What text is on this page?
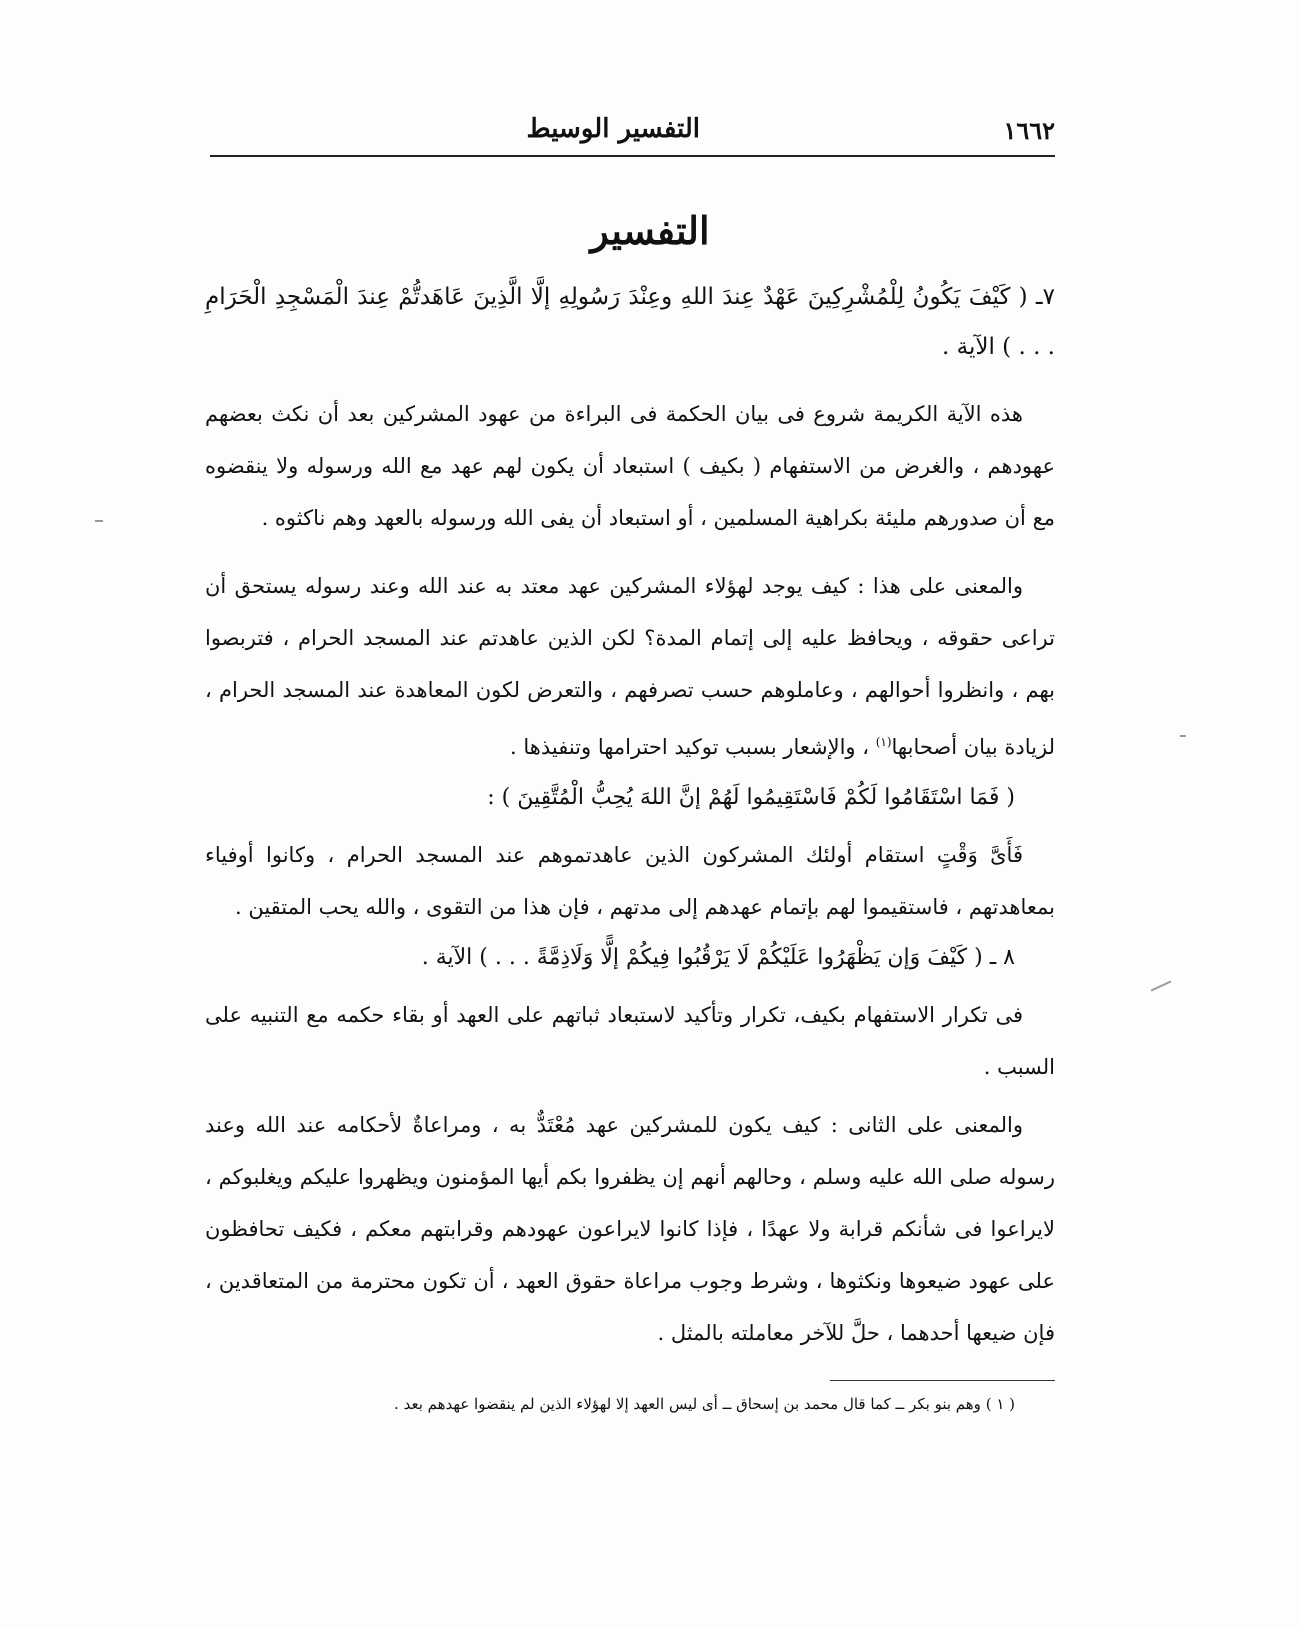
١٦٦٢
التفسير الوسيط
التفسير

٧ـ ( كَيْفَ يَكُونُ لِلْمُشْرِكِينَ عَهْدٌ عِندَ اللهِ وعِنْدَ رَسُولِهِ إلَّا الَّذِينَ عَاهَدتُّمْ عِندَ الْمَسْجِدِ الْحَرَامِ . . . ) الآية .

هذه الآية الكريمة شروع فى بيان الحكمة فى البراءة من عهود المشركين بعد أن نكث بعضهم عهودهم ، والغرض من الاستفهام ( بكيف ) استبعاد أن يكون لهم عهد مع الله ورسوله ولا ينقضوه مع أن صدورهم مليئة بكراهية المسلمين ، أو استبعاد أن يفى الله ورسوله بالعهد وهم ناكثوه .

والمعنى على هذا : كيف يوجد لهؤلاء المشركين عهد معتد به عند الله وعند رسوله يستحق أن تراعى حقوقه ، ويحافظ عليه إلى إتمام المدة؟ لكن الذين عاهدتم عند المسجد الحرام ، فتربصوا بهم ، وانظروا أحوالهم ، وعاملوهم حسب تصرفهم ، والتعرض لكون المعاهدة عند المسجد الحرام ، لزيادة بيان أصحابها$^{(١)}$ ، والإشعار بسبب توكيد احترامها وتنفيذها .

( فَمَا اسْتَقَامُوا لَكُمْ فَاسْتَقِيمُوا لَهُمْ إنَّ اللهَ يُحِبُّ الْمُتَّقِينَ ) :

فَأَىَّ وَقْتٍ استقام أولئك المشركون الذين عاهدتموهم عند المسجد الحرام ، وكانوا أوفياء بمعاهدتهم ، فاستقيموا لهم بإتمام عهدهم إلى مدتهم ، فإن هذا من التقوى ، والله يحب المتقين .

٨ ـ ( كَيْفَ وَإن يَظْهَرُوا عَلَيْكُمْ لَا يَرْقُبُوا فِيكُمْ إلًّا وَلَاذِمَّةً . . . ) الآية .

فى تكرار الاستفهام بكيف، تكرار وتأكيد لاستبعاد ثباتهم على العهد أو بقاء حكمه مع التنبيه على السبب .

والمعنى على الثانى : كيف يكون للمشركين عهد مُعْتَدٌّ به ، ومراعاةٌ لأحكامه عند الله وعند رسوله صلى الله عليه وسلم ، وحالهم أنهم إن يظفروا بكم أيها المؤمنون ويظهروا عليكم ويغلبوكم ، لايراعوا فى شأنكم قرابة ولا عهدًا ، فإذا كانوا لايراعون عهودهم وقرابتهم معكم ، فكيف تحافظون على عهود ضيعوها ونكثوها ، وشرط وجوب مراعاة حقوق العهد ، أن تكون محترمة من المتعاقدين ، فإن ضيعها أحدهما ، حلَّ للآخر معاملته بالمثل .

( ١ ) وهم بنو بكر ــ كما قال محمد بن إسحاق ــ أى ليس العهد إلا لهؤلاء الذين لم ينقضوا عهدهم بعد .
